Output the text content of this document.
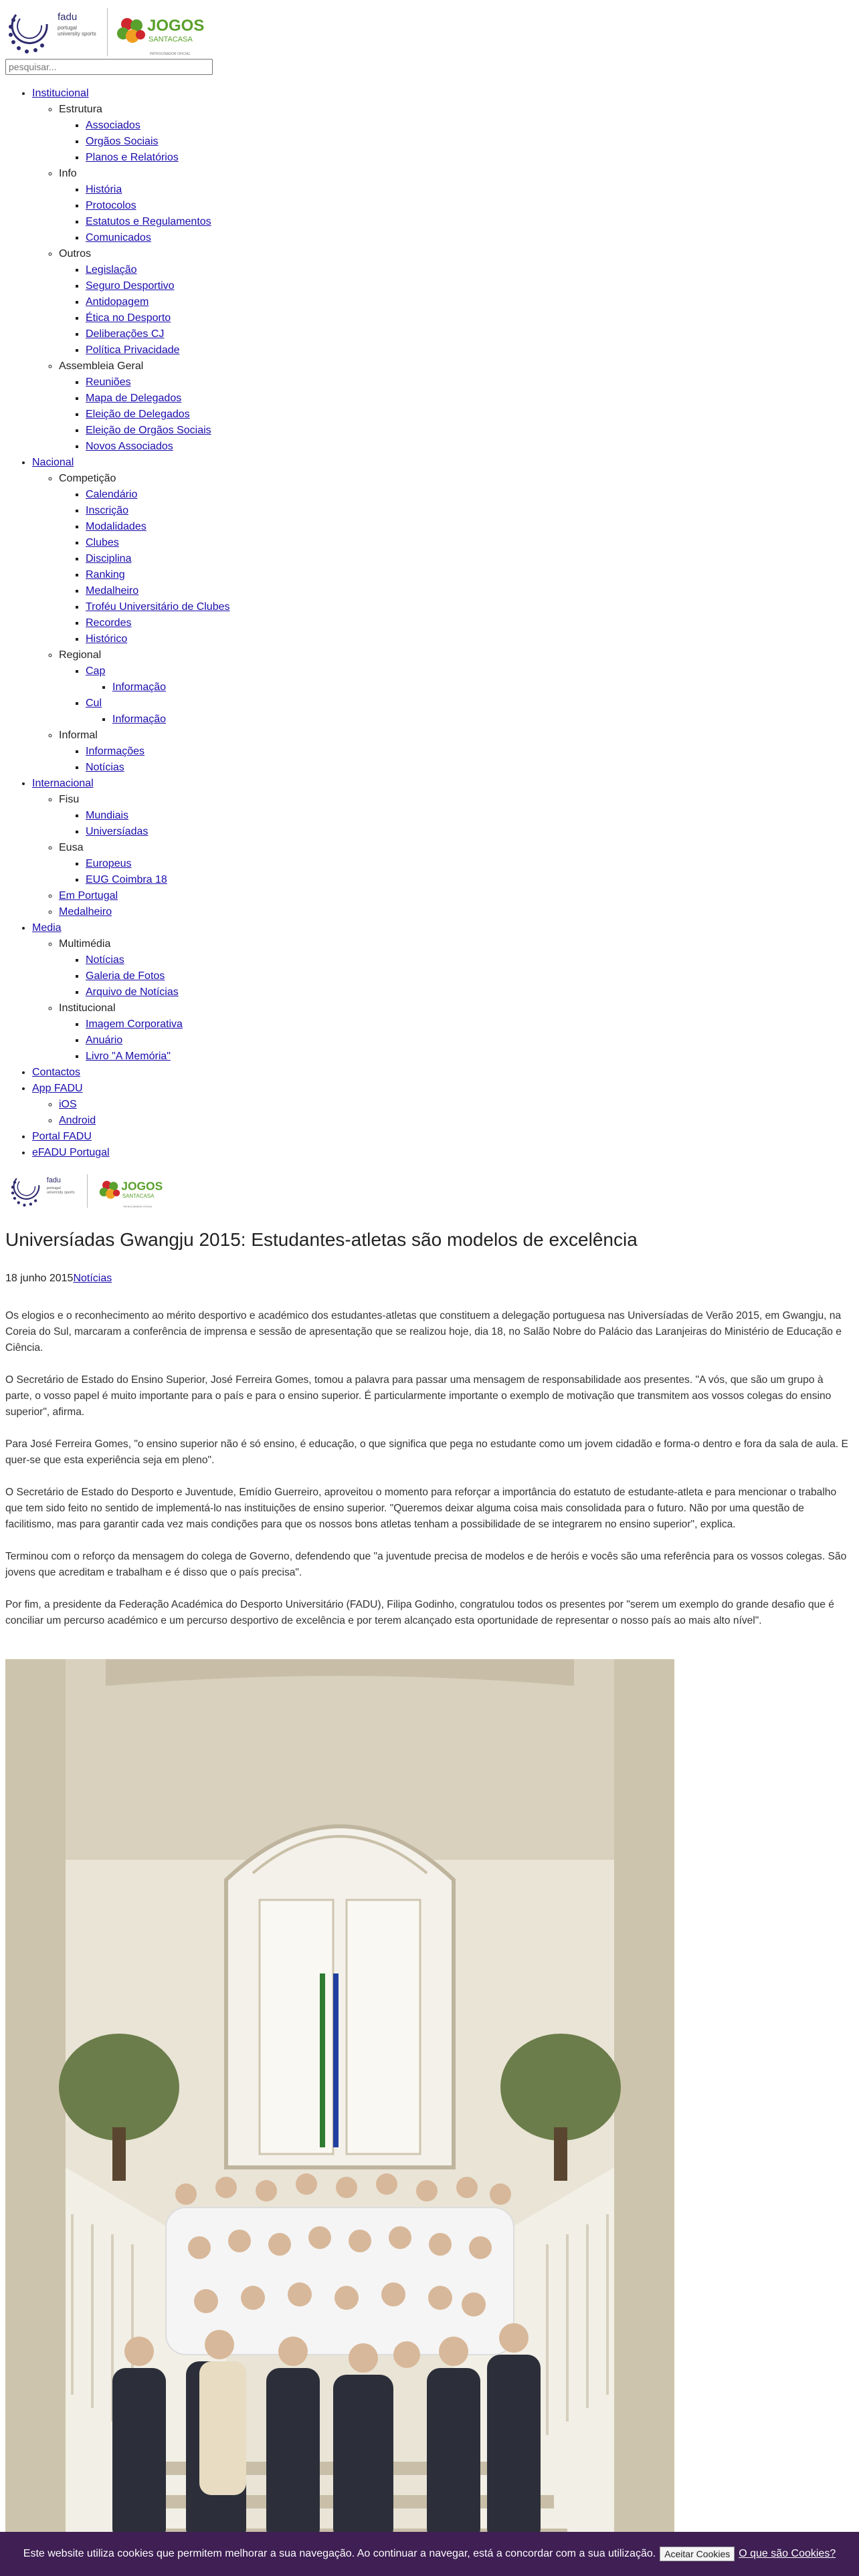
fadu
portugal
university sports	JOGOS
SANTACASA
PATROCINADOR OFICIAL
pesquisar...
• Institucional
◦ Estrutura
▪ Associados
▪ Orgãos Sociais
▪ Planos e Relatórios
◦ Info
▪ História
▪ Protocolos
▪ Estatutos e Regulamentos
▪ Comunicados
◦ Outros
▪ Legislação
▪ Seguro Desportivo
▪ Antidopagem
▪ Ética no Desporto
▪ Deliberações CJ
▪ Política Privacidade
◦ Assembleia Geral
▪ Reuniões
▪ Mapa de Delegados
▪ Eleição de Delegados
▪ Eleição de Orgãos Sociais
▪ Novos Associados
• Nacional
◦ Competição
▪ Calendário
▪ Inscrição
▪ Modalidades
▪ Clubes
▪ Disciplina
▪ Ranking
▪ Medalheiro
▪ Troféu Universitário de Clubes
▪ Recordes
▪ Histórico
◦ Regional
▪ Cap
▪ Informação
▪ Cul
▪ Informação
◦ Informal
▪ Informações
▪ Notícias
• Internacional
◦ Fisu
▪ Mundiais
▪ Universíadas
◦ Eusa
▪ Europeus
▪ EUG Coimbra 18
◦ Em Portugal
◦ Medalheiro
• Media
◦ Multimédia
▪ Notícias
▪ Galeria de Fotos
▪ Arquivo de Notícias
◦ Institucional
▪ Imagem Corporativa
▪ Anuário
▪ Livro "A Memória"
• Contactos
• App FADU
◦ iOS
◦ Android
• Portal FADU
• eFADU Portugal
fadu
portugal
university sports
JOGOS
SANTACASA
PATROCINADOR OFICIAL
Universíadas Gwangju 2015: Estudantes-atletas são modelos de excelência
18 junho 2015Notícias

Os elogios e o reconhecimento ao mérito desportivo e académico dos estudantes-atletas que constituem a delegação portuguesa nas Universíadas de Verão 2015, em Gwangju, na Coreia do Sul, marcaram a conferência de imprensa e sessão de apresentação que se realizou hoje, dia 18, no Salão Nobre do Palácio das Laranjeiras do Ministério de Educação e Ciência.

O Secretário de Estado do Ensino Superior, José Ferreira Gomes, tomou a palavra para passar uma mensagem de responsabilidade aos presentes. "A vós, que são um grupo à parte, o vosso papel é muito importante para o país e para o ensino superior. É particularmente importante o exemplo de motivação que transmitem aos vossos colegas do ensino superior", afirma.

Para José Ferreira Gomes, "o ensino superior não é só ensino, é educação, o que significa que pega no estudante como um jovem cidadão e forma-o dentro e fora da sala de aula. E quer-se que esta experiência seja em pleno".

O Secretário de Estado do Desporto e Juventude, Emídio Guerreiro, aproveitou o momento para reforçar a importância do estatuto de estudante-atleta e para mencionar o trabalho que tem sido feito no sentido de implementá-lo nas instituições de ensino superior. "Queremos deixar alguma coisa mais consolidada para o futuro. Não por uma questão de facilitismo, mas para garantir cada vez mais condições para que os nossos bons atletas tenham a possibilidade de se integrarem no ensino superior", explica.

Terminou com o reforço da mensagem do colega de Governo, defendendo que "a juventude precisa de modelos e de heróis e vocês são uma referência para os vossos colegas. São jovens que acreditam e trabalham e é disso que o país precisa".

Por fim, a presidente da Federação Académica do Desporto Universitário (FADU), Filipa Godinho, congratulou todos os presentes por "serem um exemplo do grande desafio que é conciliar um percurso académico e um percurso desportivo de excelência e por terem alcançado esta oportunidade de representar o nosso país ao mais alto nível".

Este website utiliza cookies que permitem melhorar a sua navegação. Ao continuar a navegar, está a concordar com a sua utilização. Aceitar Cookies O que são Cookies?
